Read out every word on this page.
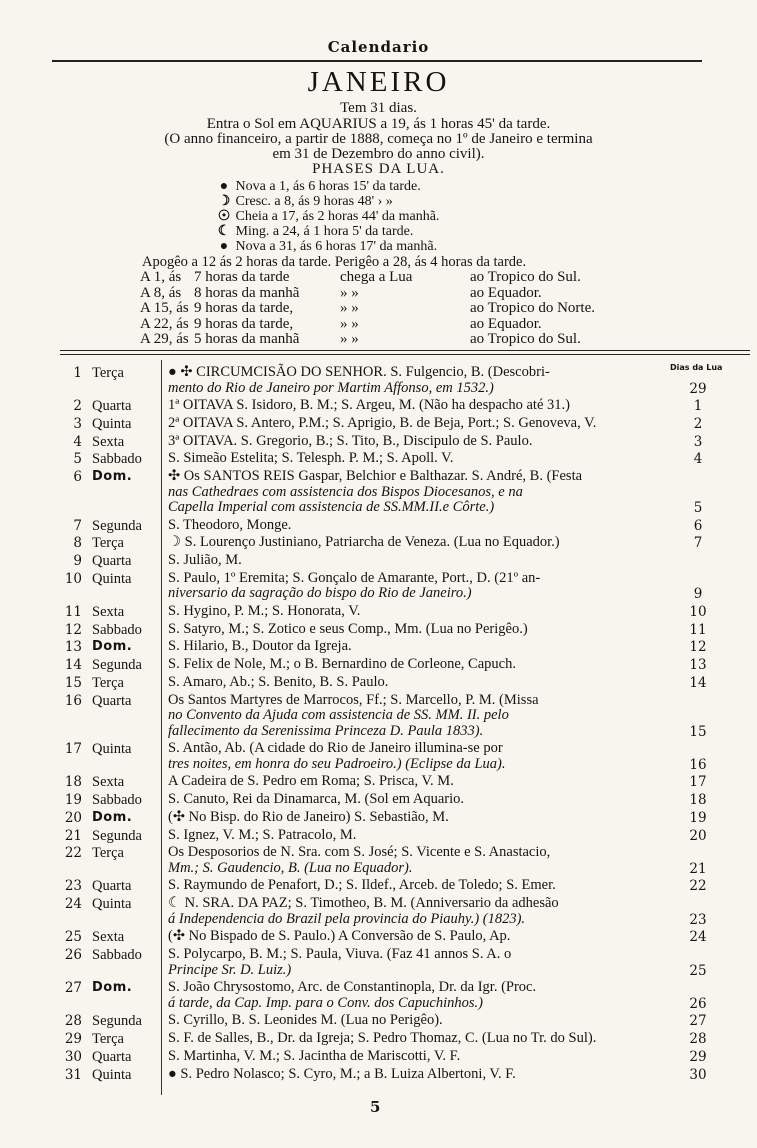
Calendario
JANEIRO
Tem 31 dias.
Entra o Sol em AQUARIUS a 19, ás 1 horas 45' da tarde.
(O anno financeiro, a partir de 1888, começa no 1º de Janeiro e termina
em 31 de Dezembro do anno civil).
PHASES DA LUA.
● Nova a 1, ás 6 horas 15' da tarde.
☽ Cresc. a 8, ás 9 horas 48' › »
☉ Cheia a 17, ás 2 horas 44' da manhã.
☾ Ming. a 24, á 1 hora 5' da tarde.
● Nova a 31, ás 6 horas 17' da manhã.
Apogêo a 12 ás 2 horas da tarde. Perigêo a 28, ás 4 horas da tarde.
A 1, ás 7 horas da tarde	chega a Lua	ao Tropico do Sul.
A 8, ás 8 horas da manhã	» »	ao Equador.
A 15, ás 9 horas da tarde,	» »	ao Tropico do Norte.
A 22, ás 9 horas da tarde,	» »	ao Equador.
A 29, ás 5 horas da manhã	» »	ao Tropico do Sul.
Dias da Lua
1 Terça	● ✣ CIRCUMCISÃO DO SENHOR. S. Fulgencio, B. (Descobri-
mento do Rio de Janeiro por Martim Affonso, em 1532.)	29
2 Quarta	1ª OITAVA S. Isidoro, B. M.; S. Argeu, M. (Não ha despacho até 31.)	1
3 Quinta	2ª OITAVA S. Antero, P.M.; S. Aprigio, B. de Beja, Port.; S. Genoveva, V.	2
4 Sexta	3ª OITAVA. S. Gregorio, B.; S. Tito, B., Discipulo de S. Paulo.	3
5 Sabbado	S. Simeão Estelita; S. Telesph. P. M.; S. Apoll. V.	4
6 Dom.	✣ Os SANTOS REIS Gaspar, Belchior e Balthazar. S. André, B. (Festa
nas Cathedraes com assistencia dos Bispos Diocesanos, e na
Capella Imperial com assistencia de SS.MM.II.e Côrte.)	5
7 Segunda	S. Theodoro, Monge.	6
8 Terça	☽ S. Lourenço Justiniano, Patriarcha de Veneza. (Lua no Equador.)	7
9 Quarta	S. Julião, M.
10 Quinta	S. Paulo, 1º Eremita; S. Gonçalo de Amarante, Port., D. (21º an-
niversario da sagração do bispo do Rio de Janeiro.)	9
11 Sexta	S. Hygino, P. M.; S. Honorata, V.	10
12 Sabbado	S. Satyro, M.; S. Zotico e seus Comp., Mm. (Lua no Perigêo.)	11
13 Dom.	S. Hilario, B., Doutor da Igreja.	12
14 Segunda	S. Felix de Nole, M.; o B. Bernardino de Corleone, Capuch.	13
15 Terça	S. Amaro, Ab.; S. Benito, B. S. Paulo.	14
16 Quarta	Os Santos Martyres de Marrocos, Ff.; S. Marcello, P. M. (Missa
no Convento da Ajuda com assistencia de SS. MM. II. pelo
fallecimento da Serenissima Princeza D. Paula 1833).	15
17 Quinta	S. Antão, Ab. (A cidade do Rio de Janeiro illumina-se por
tres noites, em honra do seu Padroeiro.) (Eclipse da Lua).	16
18 Sexta	A Cadeira de S. Pedro em Roma; S. Prisca, V. M.	17
19 Sabbado	S. Canuto, Rei da Dinamarca, M. (Sol em Aquario.	18
20 Dom.	(✣ No Bisp. do Rio de Janeiro) S. Sebastião, M.	19
21 Segunda	S. Ignez, V. M.; S. Patracolo, M.	20
22 Terça	Os Desposorios de N. Sra. com S. José; S. Vicente e S. Anastacio,
Mm.; S. Gaudencio, B. (Lua no Equador).	21
23 Quarta	S. Raymundo de Penafort, D.; S. Ildef., Arceb. de Toledo; S. Emer.	22
24 Quinta	☾ N. SRA. DA PAZ; S. Timotheo, B. M. (Anniversario da adhesão
á Independencia do Brazil pela provincia do Piauhy.) (1823).	23
25 Sexta	(✣ No Bispado de S. Paulo.) A Conversão de S. Paulo, Ap.	24
26 Sabbado	S. Polycarpo, B. M.; S. Paula, Viuva. (Faz 41 annos S. A. o
Principe Sr. D. Luiz.)	25
27 Dom.	S. João Chrysostomo, Arc. de Constantinopla, Dr. da Igr. (Proc.
á tarde, da Cap. Imp. para o Conv. dos Capuchinhos.)	26
28 Segunda	S. Cyrillo, B. S. Leonides M. (Lua no Perigêo).	27
29 Terça	S. F. de Salles, B., Dr. da Igreja; S. Pedro Thomaz, C. (Lua no Tr. do Sul).	28
30 Quarta	S. Martinha, V. M.; S. Jacintha de Mariscotti, V. F.	29
31 Quinta	● S. Pedro Nolasco; S. Cyro, M.; a B. Luiza Albertoni, V. F.	30
5
